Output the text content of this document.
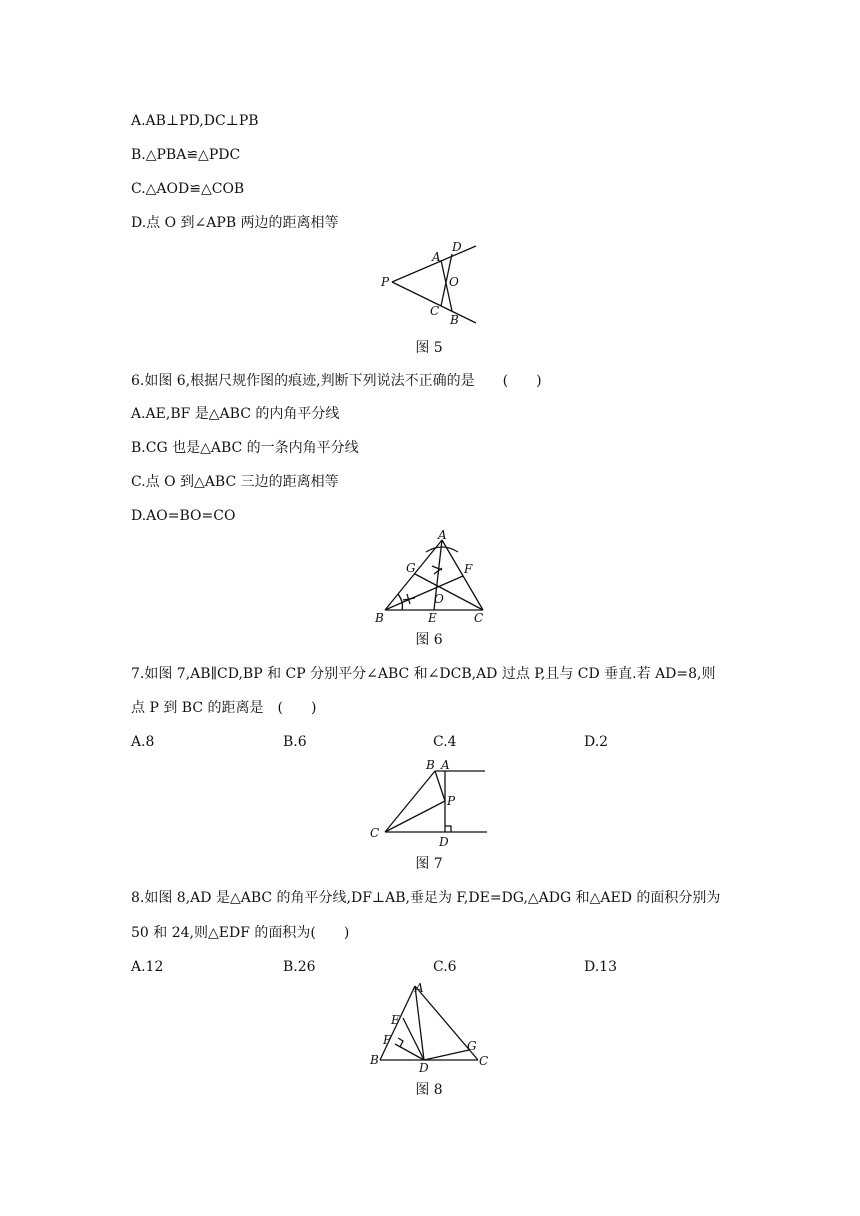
A.AB⊥PD,DC⊥PB
B.△PBA≌△PDC
C.△AOD≌△COB
D.点 O 到∠APB 两边的距离相等
P
A
D
O
C
B
图 5
6.如图 6,根据尺规作图的痕迹,判断下列说法不正确的是　　(　　)
A.AE,BF 是△ABC 的内角平分线
B.CG 也是△ABC 的一条内角平分线
C.点 O 到△ABC 三边的距离相等
D.AO=BO=CO
A
G	F
O
B	E	C
图 6
7.如图 7,AB∥CD,BP 和 CP 分别平分∠ABC 和∠DCB,AD 过点 P,且与 CD 垂直.若 AD=8,则
点 P 到 BC 的距离是　(　　)
A.8	B.6	C.4	D.2
B A
P
C
D
图 7
8.如图 8,AD 是△ABC 的角平分线,DF⊥AB,垂足为 F,DE=DG,△ADG 和△AED 的面积分别为
50 和 24,则△EDF 的面积为(　　)
A.12	B.26	C.6	D.13
A
E
F
B
D
G
C
图 8
